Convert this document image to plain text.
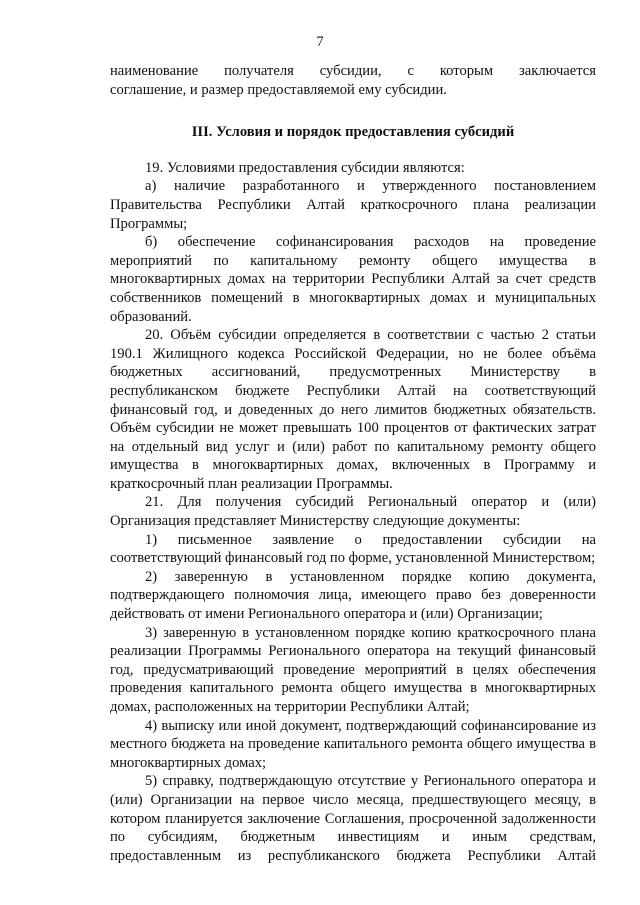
7
наименование получателя субсидии, с которым заключается
соглашение, и размер предоставляемой ему субсидии.
III. Условия и порядок предоставления субсидий
19. Условиями предоставления субсидии являются:
а) наличие разработанного и утвержденного постановлением Правительства Республики Алтай краткосрочного плана реализации Программы;
б) обеспечение софинансирования расходов на проведение мероприятий по капитальному ремонту общего имущества в многоквартирных домах на территории Республики Алтай за счет средств собственников помещений в многоквартирных домах и муниципальных образований.
20. Объём субсидии определяется в соответствии с частью 2 статьи 190.1 Жилищного кодекса Российской Федерации, но не более объёма бюджетных ассигнований, предусмотренных Министерству в республиканском бюджете Республики Алтай на соответствующий финансовый год, и доведенных до него лимитов бюджетных обязательств. Объём субсидии не может превышать 100 процентов от фактических затрат на отдельный вид услуг и (или) работ по капитальному ремонту общего имущества в многоквартирных домах, включенных в Программу и краткосрочный план реализации Программы.
21. Для получения субсидий Региональный оператор и (или) Организация представляет Министерству следующие документы:
1) письменное заявление о предоставлении субсидии на соответствующий финансовый год по форме, установленной Министерством;
2) заверенную в установленном порядке копию документа, подтверждающего полномочия лица, имеющего право без доверенности действовать от имени Регионального оператора и (или) Организации;
3) заверенную в установленном порядке копию краткосрочного плана реализации Программы Регионального оператора на текущий финансовый год, предусматривающий проведение мероприятий в целях обеспечения проведения капитального ремонта общего имущества в многоквартирных домах, расположенных на территории Республики Алтай;
4) выписку или иной документ, подтверждающий софинансирование из местного бюджета на проведение капитального ремонта общего имущества в многоквартирных домах;
5) справку, подтверждающую отсутствие у Регионального оператора и (или) Организации на первое число месяца, предшествующего месяцу, в котором планируется заключение Соглашения, просроченной задолженности по субсидиям, бюджетным инвестициям и иным средствам, предоставленным из республиканского бюджета Республики Алтай
